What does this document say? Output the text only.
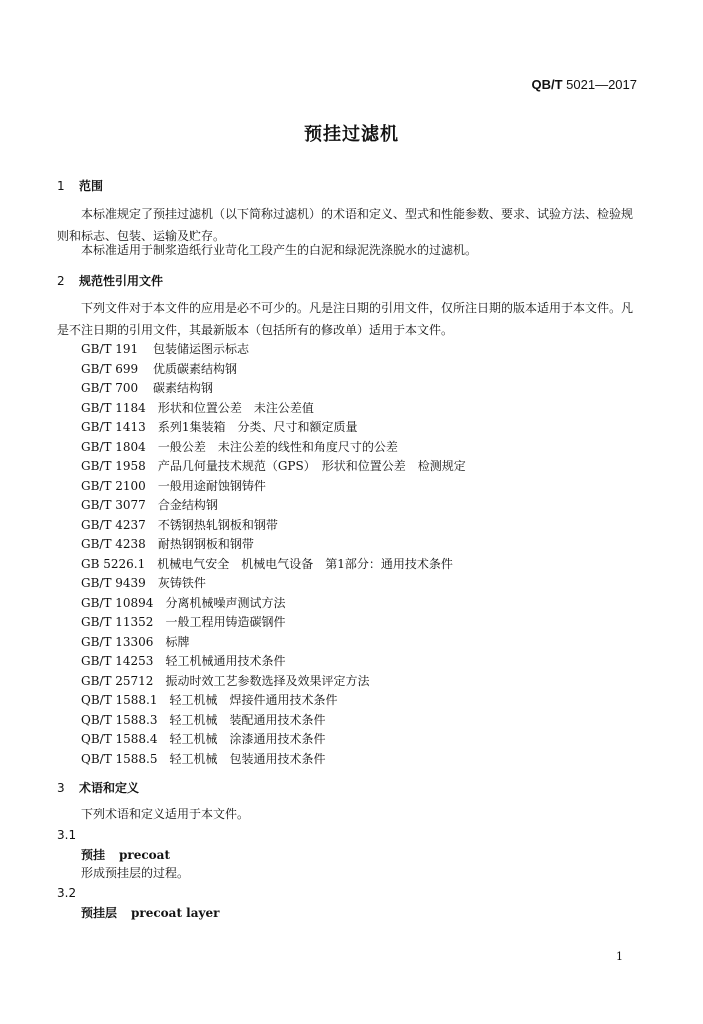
QB/T 5021—2017
预挂过滤机
1 范围
本标准规定了预挂过滤机（以下简称过滤机）的术语和定义、型式和性能参数、要求、试验方法、检验规则和标志、包装、运输及贮存。
本标准适用于制浆造纸行业苛化工段产生的白泥和绿泥洗涤脱水的过滤机。
2 规范性引用文件
下列文件对于本文件的应用是必不可少的。凡是注日期的引用文件，仅所注日期的版本适用于本文件。凡是不注日期的引用文件，其最新版本（包括所有的修改单）适用于本文件。
GB/T 191 包装储运图示标志
GB/T 699 优质碳素结构钢
GB/T 700 碳素结构钢
GB/T 1184 形状和位置公差　未注公差值
GB/T 1413 系列1集装箱　分类、尺寸和额定质量
GB/T 1804 一般公差　未注公差的线性和角度尺寸的公差
GB/T 1958 产品几何量技术规范（GPS）　形状和位置公差　检测规定
GB/T 2100 一般用途耐蚀钢铸件
GB/T 3077 合金结构钢
GB/T 4237 不锈钢热轧钢板和钢带
GB/T 4238 耐热钢钢板和钢带
GB 5226.1 机械电气安全　机械电气设备　第1部分：通用技术条件
GB/T 9439 灰铸铁件
GB/T 10894 分离机械噪声测试方法
GB/T 11352 一般工程用铸造碳钢件
GB/T 13306 标牌
GB/T 14253 轻工机械通用技术条件
GB/T 25712 振动时效工艺参数选择及效果评定方法
QB/T 1588.1 轻工机械　焊接件通用技术条件
QB/T 1588.3 轻工机械　装配通用技术条件
QB/T 1588.4 轻工机械　涂漆通用技术条件
QB/T 1588.5 轻工机械　包装通用技术条件
3 术语和定义
下列术语和定义适用于本文件。
3.1
预挂 precoat
形成预挂层的过程。
3.2
预挂层 precoat layer
1
